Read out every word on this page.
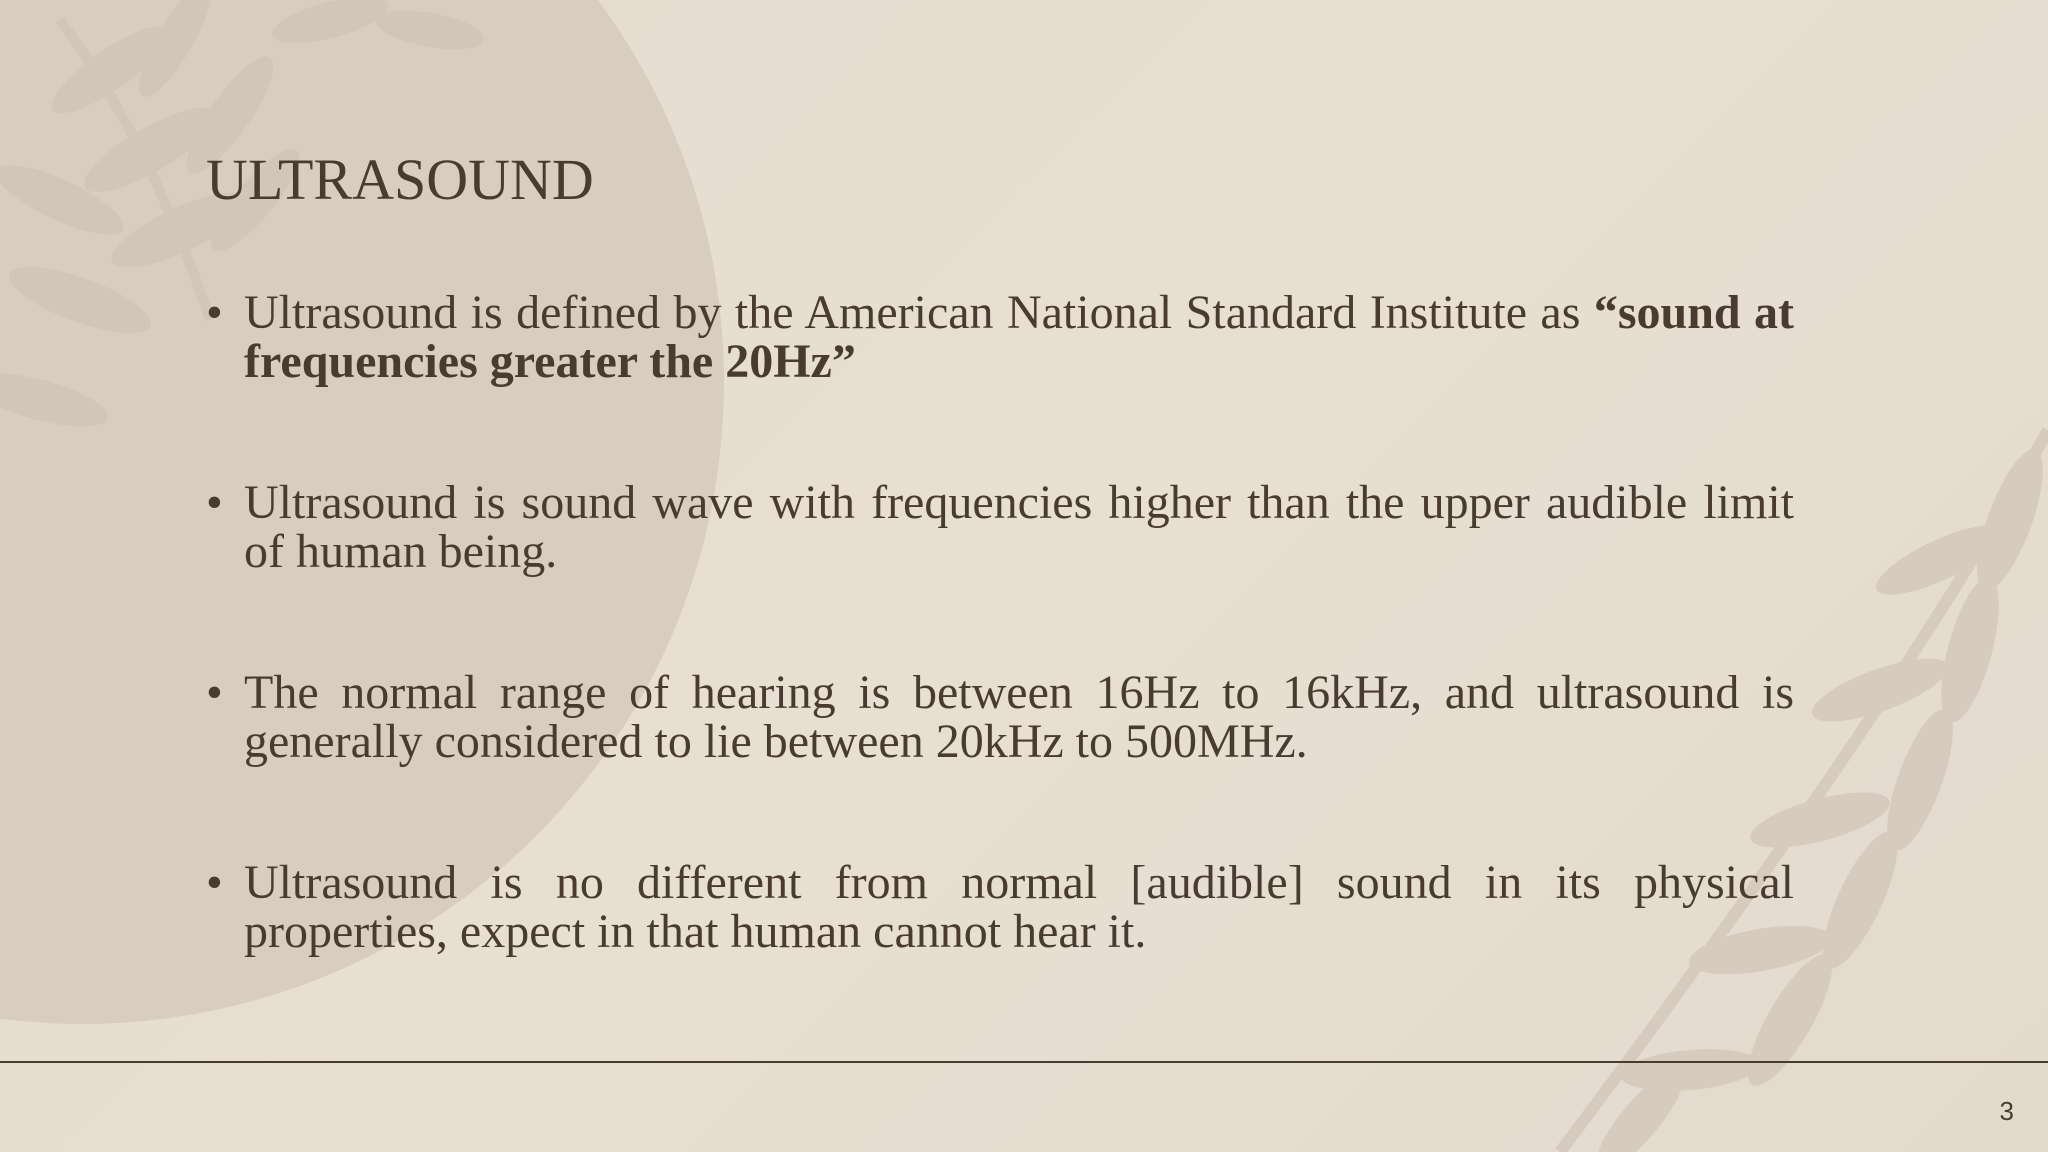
ULTRASOUND
• Ultrasound is defined by the American National Standard Institute as “sound at frequencies greater the 20Hz”
• Ultrasound is sound wave with frequencies higher than the upper audible limit of human being.
• The normal range of hearing is between 16Hz to 16kHz, and ultrasound is generally considered to lie between 20kHz to 500MHz.
• Ultrasound is no different from normal [audible] sound in its physical properties, expect in that human cannot hear it.
3
